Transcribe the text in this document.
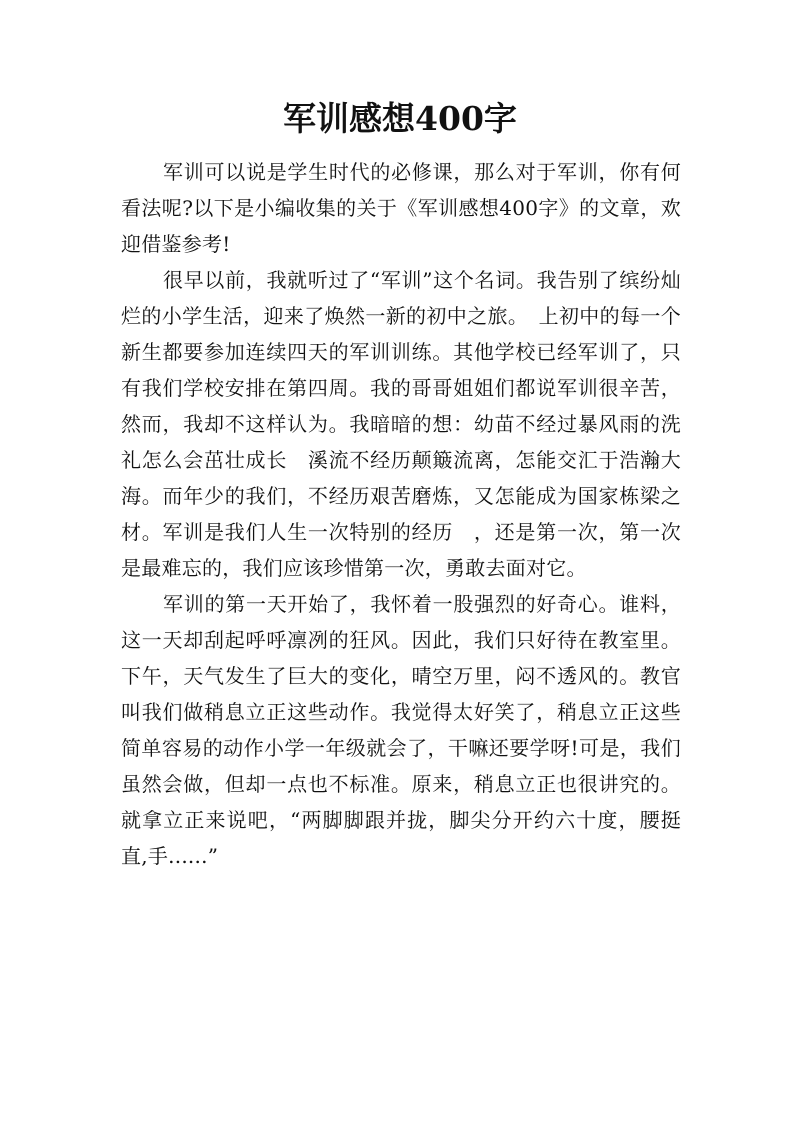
军训感想400字

军训可以说是学生时代的必修课，那么对于军训，你有何看法呢?以下是小编收集的关于《军训感想400字》的文章，欢迎借鉴参考!

很早以前，我就听过了“军训”这个名词。我告别了缤纷灿烂的小学生活，迎来了焕然一新的初中之旅。　上初中的每一个新生都要参加连续四天的军训训练。其他学校已经军训了，只有我们学校安排在第四周。我的哥哥姐姐们都说军训很辛苦，然而，我却不这样认为。我暗暗的想：幼苗不经过暴风雨的洗礼怎么会茁壮成长　溪流不经历颠簸流离，怎能交汇于浩瀚大海。而年少的我们，不经历艰苦磨炼，又怎能成为国家栋梁之材。军训是我们人生一次特别的经历　，还是第一次，第一次是最难忘的，我们应该珍惜第一次，勇敢去面对它。

军训的第一天开始了，我怀着一股强烈的好奇心。谁料，这一天却刮起呼呼凛冽的狂风。因此，我们只好待在教室里。下午，天气发生了巨大的变化，晴空万里，闷不透风的。教官叫我们做稍息立正这些动作。我觉得太好笑了，稍息立正这些简单容易的动作小学一年级就会了，干嘛还要学呀!可是，我们虽然会做，但却一点也不标准。原来，稍息立正也很讲究的。就拿立正来说吧，“两脚脚跟并拢，脚尖分开约六十度，腰挺直,手......”
